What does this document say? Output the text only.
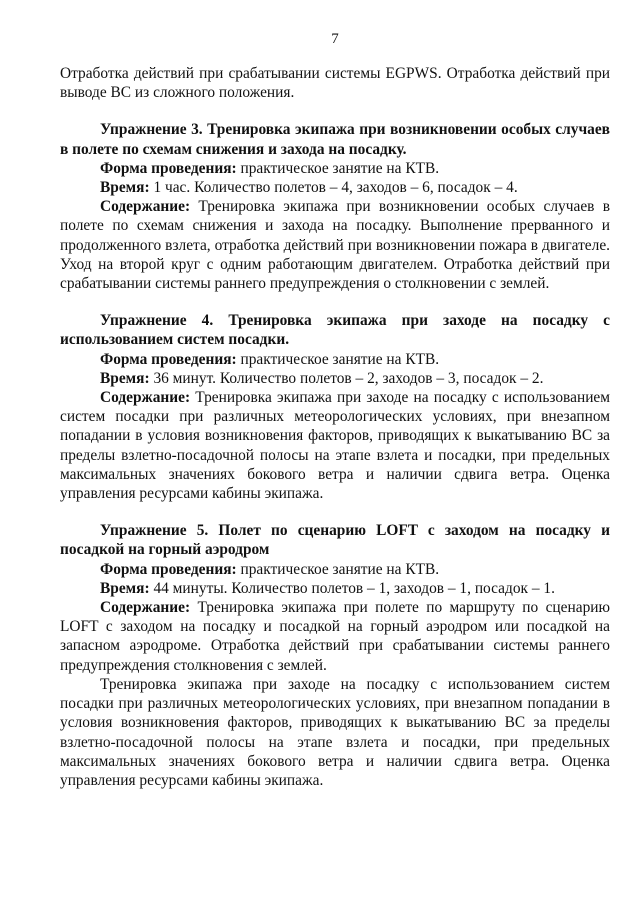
7

Отработка действий при срабатывании системы EGPWS. Отработка действий при выводе ВС из сложного положения.

Упражнение 3. Тренировка экипажа при возникновении особых случаев в полете по схемам снижения и захода на посадку.

Форма проведения: практическое занятие на КТВ.

Время: 1 час. Количество полетов – 4, заходов – 6, посадок – 4.

Содержание: Тренировка экипажа при возникновении особых случаев в полете по схемам снижения и захода на посадку. Выполнение прерванного и продолженного взлета, отработка действий при возникновении пожара в двигателе. Уход на второй круг с одним работающим двигателем. Отработка действий при срабатывании системы раннего предупреждения о столкновении с землей.

Упражнение 4. Тренировка экипажа при заходе на посадку с использованием систем посадки.

Форма проведения: практическое занятие на КТВ.

Время: 36 минут. Количество полетов – 2, заходов – 3, посадок – 2.

Содержание: Тренировка экипажа при заходе на посадку с использованием систем посадки при различных метеорологических условиях, при внезапном попадании в условия возникновения факторов, приводящих к выкатыванию ВС за пределы взлетно-посадочной полосы на этапе взлета и посадки, при предельных максимальных значениях бокового ветра и наличии сдвига ветра. Оценка управления ресурсами кабины экипажа.

Упражнение 5. Полет по сценарию LOFT с заходом на посадку и посадкой на горный аэродром

Форма проведения: практическое занятие на КТВ.

Время: 44 минуты. Количество полетов – 1, заходов – 1, посадок – 1.

Содержание: Тренировка экипажа при полете по маршруту по сценарию LOFT с заходом на посадку и посадкой на горный аэродром или посадкой на запасном аэродроме. Отработка действий при срабатывании системы раннего предупреждения столкновения с землей.

Тренировка экипажа при заходе на посадку с использованием систем посадки при различных метеорологических условиях, при внезапном попадании в условия возникновения факторов, приводящих к выкатыванию ВС за пределы взлетно-посадочной полосы на этапе взлета и посадки, при предельных максимальных значениях бокового ветра и наличии сдвига ветра. Оценка управления ресурсами кабины экипажа.
